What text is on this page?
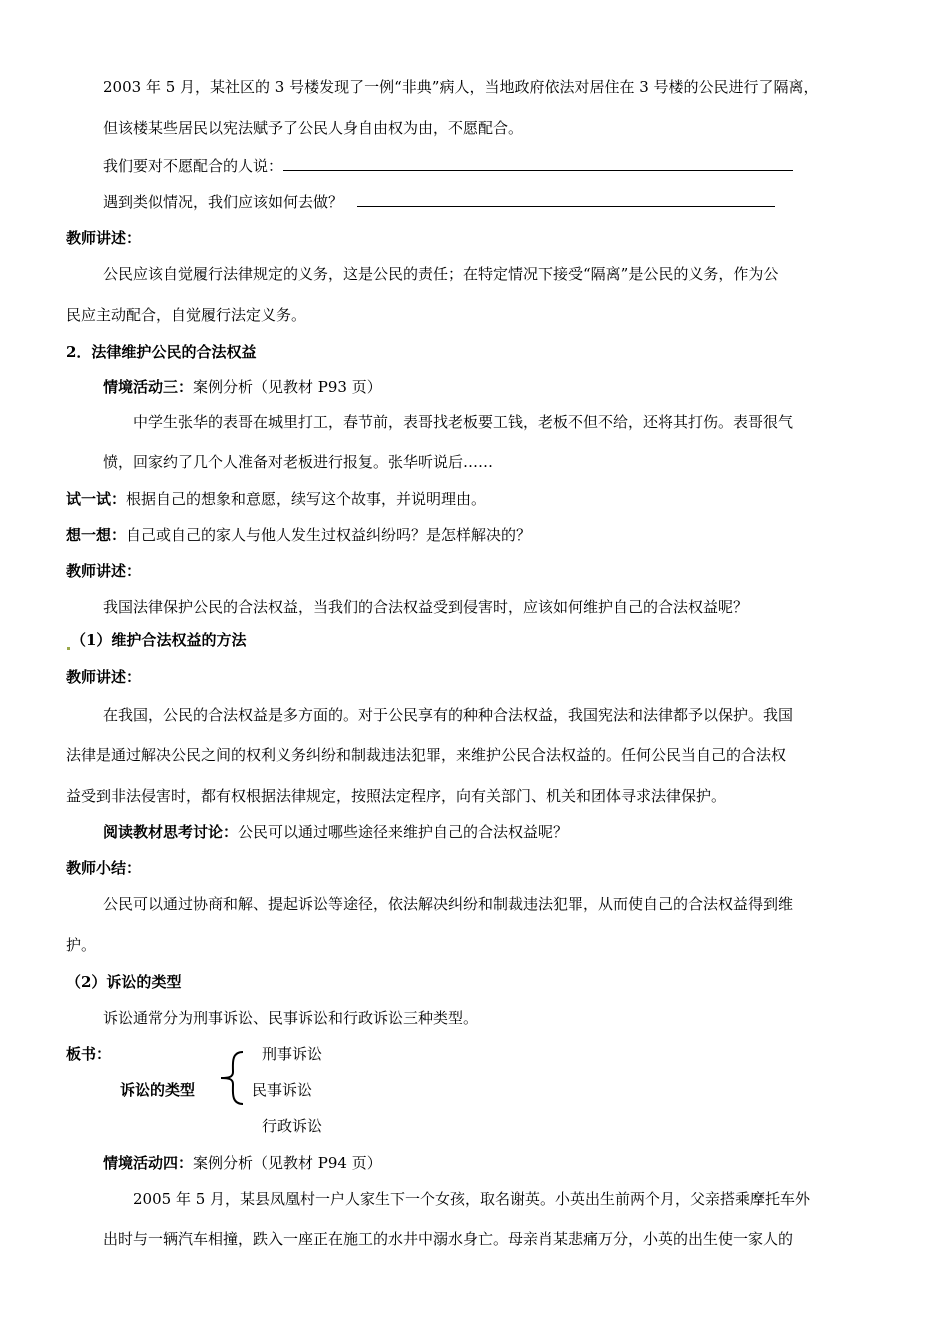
2003 年 5 月，某社区的 3 号楼发现了一例“非典”病人，当地政府依法对居住在 3 号楼的公民进行了隔离，
但该楼某些居民以宪法赋予了公民人身自由权为由，不愿配合。
我们要对不愿配合的人说：
遇到类似情况，我们应该如何去做？
教师讲述：
公民应该自觉履行法律规定的义务，这是公民的责任；在特定情况下接受“隔离”是公民的义务，作为公
民应主动配合，自觉履行法定义务。
2．法律维护公民的合法权益
情境活动三：案例分析（见教材 P93 页）
中学生张华的表哥在城里打工，春节前，表哥找老板要工钱，老板不但不给，还将其打伤。表哥很气
愤，回家约了几个人准备对老板进行报复。张华听说后……
试一试：根据自己的想象和意愿，续写这个故事，并说明理由。
想一想：自己或自己的家人与他人发生过权益纠纷吗？是怎样解决的？
教师讲述：
我国法律保护公民的合法权益，当我们的合法权益受到侵害时，应该如何维护自己的合法权益呢？
（1）维护合法权益的方法
教师讲述：
在我国，公民的合法权益是多方面的。对于公民享有的种种合法权益，我国宪法和法律都予以保护。我国
法律是通过解决公民之间的权利义务纠纷和制裁违法犯罪，来维护公民合法权益的。任何公民当自己的合法权
益受到非法侵害时，都有权根据法律规定，按照法定程序，向有关部门、机关和团体寻求法律保护。
阅读教材思考讨论：公民可以通过哪些途径来维护自己的合法权益呢？
教师小结：
公民可以通过协商和解、提起诉讼等途径，依法解决纠纷和制裁违法犯罪，从而使自己的合法权益得到维
护。
（2）诉讼的类型
诉讼通常分为刑事诉讼、民事诉讼和行政诉讼三种类型。
板书：
诉讼的类型
刑事诉讼
民事诉讼
行政诉讼
情境活动四：案例分析（见教材 P94 页）
2005 年 5 月，某县凤凰村一户人家生下一个女孩，取名谢英。小英出生前两个月，父亲搭乘摩托车外
出时与一辆汽车相撞，跌入一座正在施工的水井中溺水身亡。母亲肖某悲痛万分，小英的出生使一家人的
